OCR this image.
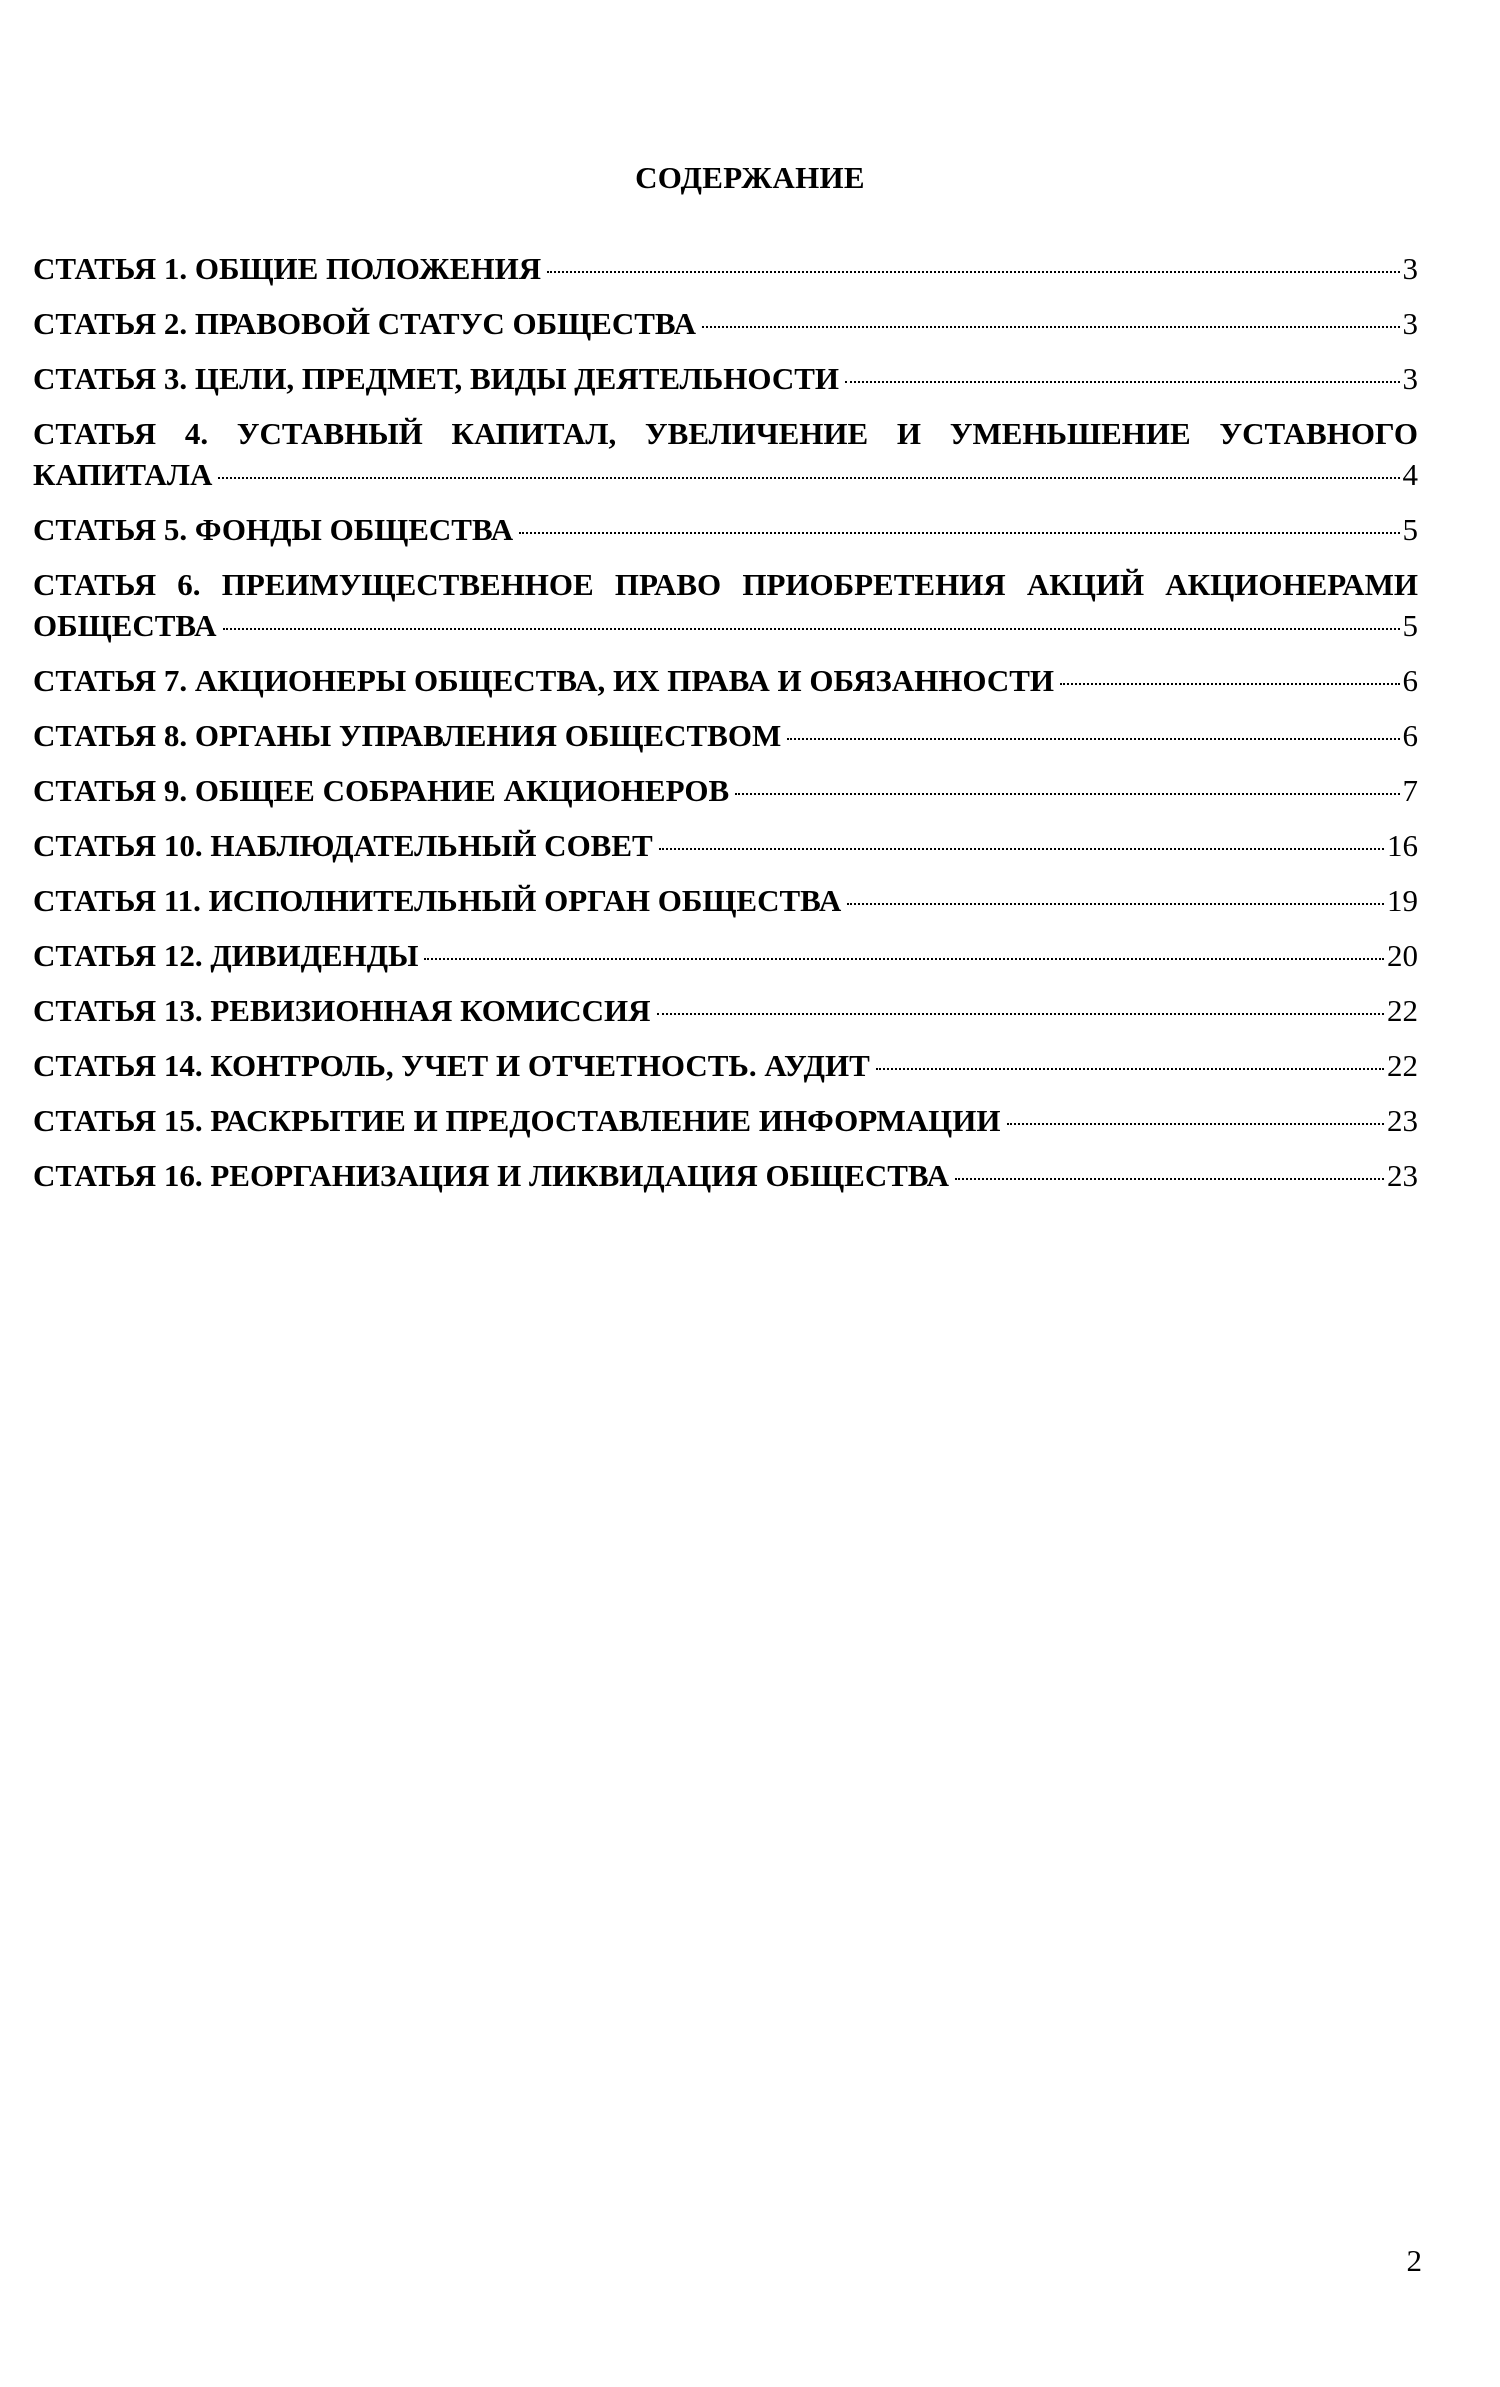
СОДЕРЖАНИЕ
СТАТЬЯ 1. ОБЩИЕ ПОЛОЖЕНИЯ	3
СТАТЬЯ 2. ПРАВОВОЙ СТАТУС ОБЩЕСТВА	3
СТАТЬЯ 3. ЦЕЛИ, ПРЕДМЕТ, ВИДЫ ДЕЯТЕЛЬНОСТИ	3
СТАТЬЯ 4. УСТАВНЫЙ КАПИТАЛ, УВЕЛИЧЕНИЕ И УМЕНЬШЕНИЕ УСТАВНОГО
КАПИТАЛА	4
СТАТЬЯ 5. ФОНДЫ ОБЩЕСТВА	5
СТАТЬЯ 6. ПРЕИМУЩЕСТВЕННОЕ ПРАВО ПРИОБРЕТЕНИЯ АКЦИЙ АКЦИОНЕРАМИ
ОБЩЕСТВА	5
СТАТЬЯ 7. АКЦИОНЕРЫ ОБЩЕСТВА, ИХ ПРАВА И ОБЯЗАННОСТИ	6
СТАТЬЯ 8. ОРГАНЫ УПРАВЛЕНИЯ ОБЩЕСТВОМ	6
СТАТЬЯ 9. ОБЩЕЕ СОБРАНИЕ АКЦИОНЕРОВ	7
СТАТЬЯ 10. НАБЛЮДАТЕЛЬНЫЙ СОВЕТ	16
СТАТЬЯ 11. ИСПОЛНИТЕЛЬНЫЙ ОРГАН ОБЩЕСТВА	19
СТАТЬЯ 12. ДИВИДЕНДЫ	20
СТАТЬЯ 13. РЕВИЗИОННАЯ КОМИССИЯ	22
СТАТЬЯ 14. КОНТРОЛЬ, УЧЕТ И ОТЧЕТНОСТЬ. АУДИТ	22
СТАТЬЯ 15. РАСКРЫТИЕ И ПРЕДОСТАВЛЕНИЕ ИНФОРМАЦИИ	23
СТАТЬЯ 16. РЕОРГАНИЗАЦИЯ И ЛИКВИДАЦИЯ ОБЩЕСТВА	23
2
